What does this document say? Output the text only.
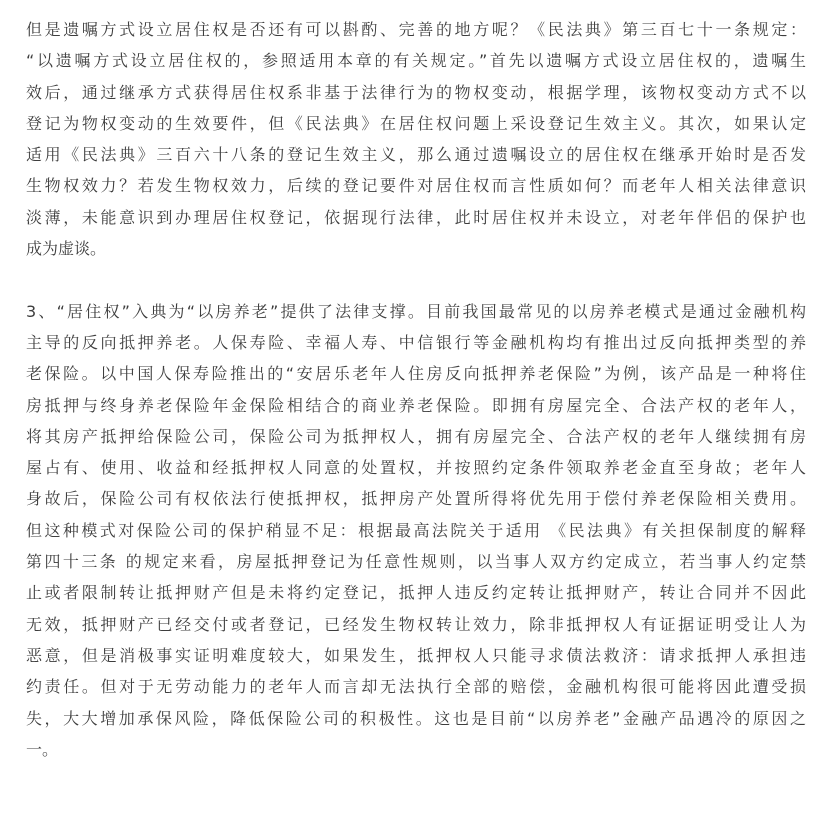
但是遗嘱方式设立居住权是否还有可以斟酌、完善的地方呢？《民法典》第三百七十一条规定：
“以遗嘱方式设立居住权的，参照适用本章的有关规定。”首先以遗嘱方式设立居住权的，遗嘱生
效后，通过继承方式获得居住权系非基于法律行为的物权变动，根据学理，该物权变动方式不以
登记为物权变动的生效要件，但《民法典》在居住权问题上采设登记生效主义。其次，如果认定
适用《民法典》三百六十八条的登记生效主义，那么通过遗嘱设立的居住权在继承开始时是否发
生物权效力？若发生物权效力，后续的登记要件对居住权而言性质如何？而老年人相关法律意识
淡薄，未能意识到办理居住权登记，依据现行法律，此时居住权并未设立，对老年伴侣的保护也
成为虚谈。
3、“居住权”入典为“以房养老”提供了法律支撑。目前我国最常见的以房养老模式是通过金融机构
主导的反向抵押养老。人保寿险、幸福人寿、中信银行等金融机构均有推出过反向抵押类型的养
老保险。以中国人保寿险推出的“安居乐老年人住房反向抵押养老保险”为例，该产品是一种将住
房抵押与终身养老保险年金保险相结合的商业养老保险。即拥有房屋完全、合法产权的老年人，
将其房产抵押给保险公司，保险公司为抵押权人，拥有房屋完全、合法产权的老年人继续拥有房
屋占有、使用、收益和经抵押权人同意的处置权，并按照约定条件领取养老金直至身故；老年人
身故后，保险公司有权依法行使抵押权，抵押房产处置所得将优先用于偿付养老保险相关费用。
但这种模式对保险公司的保护稍显不足：根据最高法院关于适用 《民法典》有关担保制度的解释
第四十三条 的规定来看，房屋抵押登记为任意性规则，以当事人双方约定成立，若当事人约定禁
止或者限制转让抵押财产但是未将约定登记，抵押人违反约定转让抵押财产，转让合同并不因此
无效，抵押财产已经交付或者登记，已经发生物权转让效力，除非抵押权人有证据证明受让人为
恶意，但是消极事实证明难度较大，如果发生，抵押权人只能寻求债法救济：请求抵押人承担违
约责任。但对于无劳动能力的老年人而言却无法执行全部的赔偿，金融机构很可能将因此遭受损
失，大大增加承保风险，降低保险公司的积极性。这也是目前“以房养老”金融产品遇冷的原因之
一。
